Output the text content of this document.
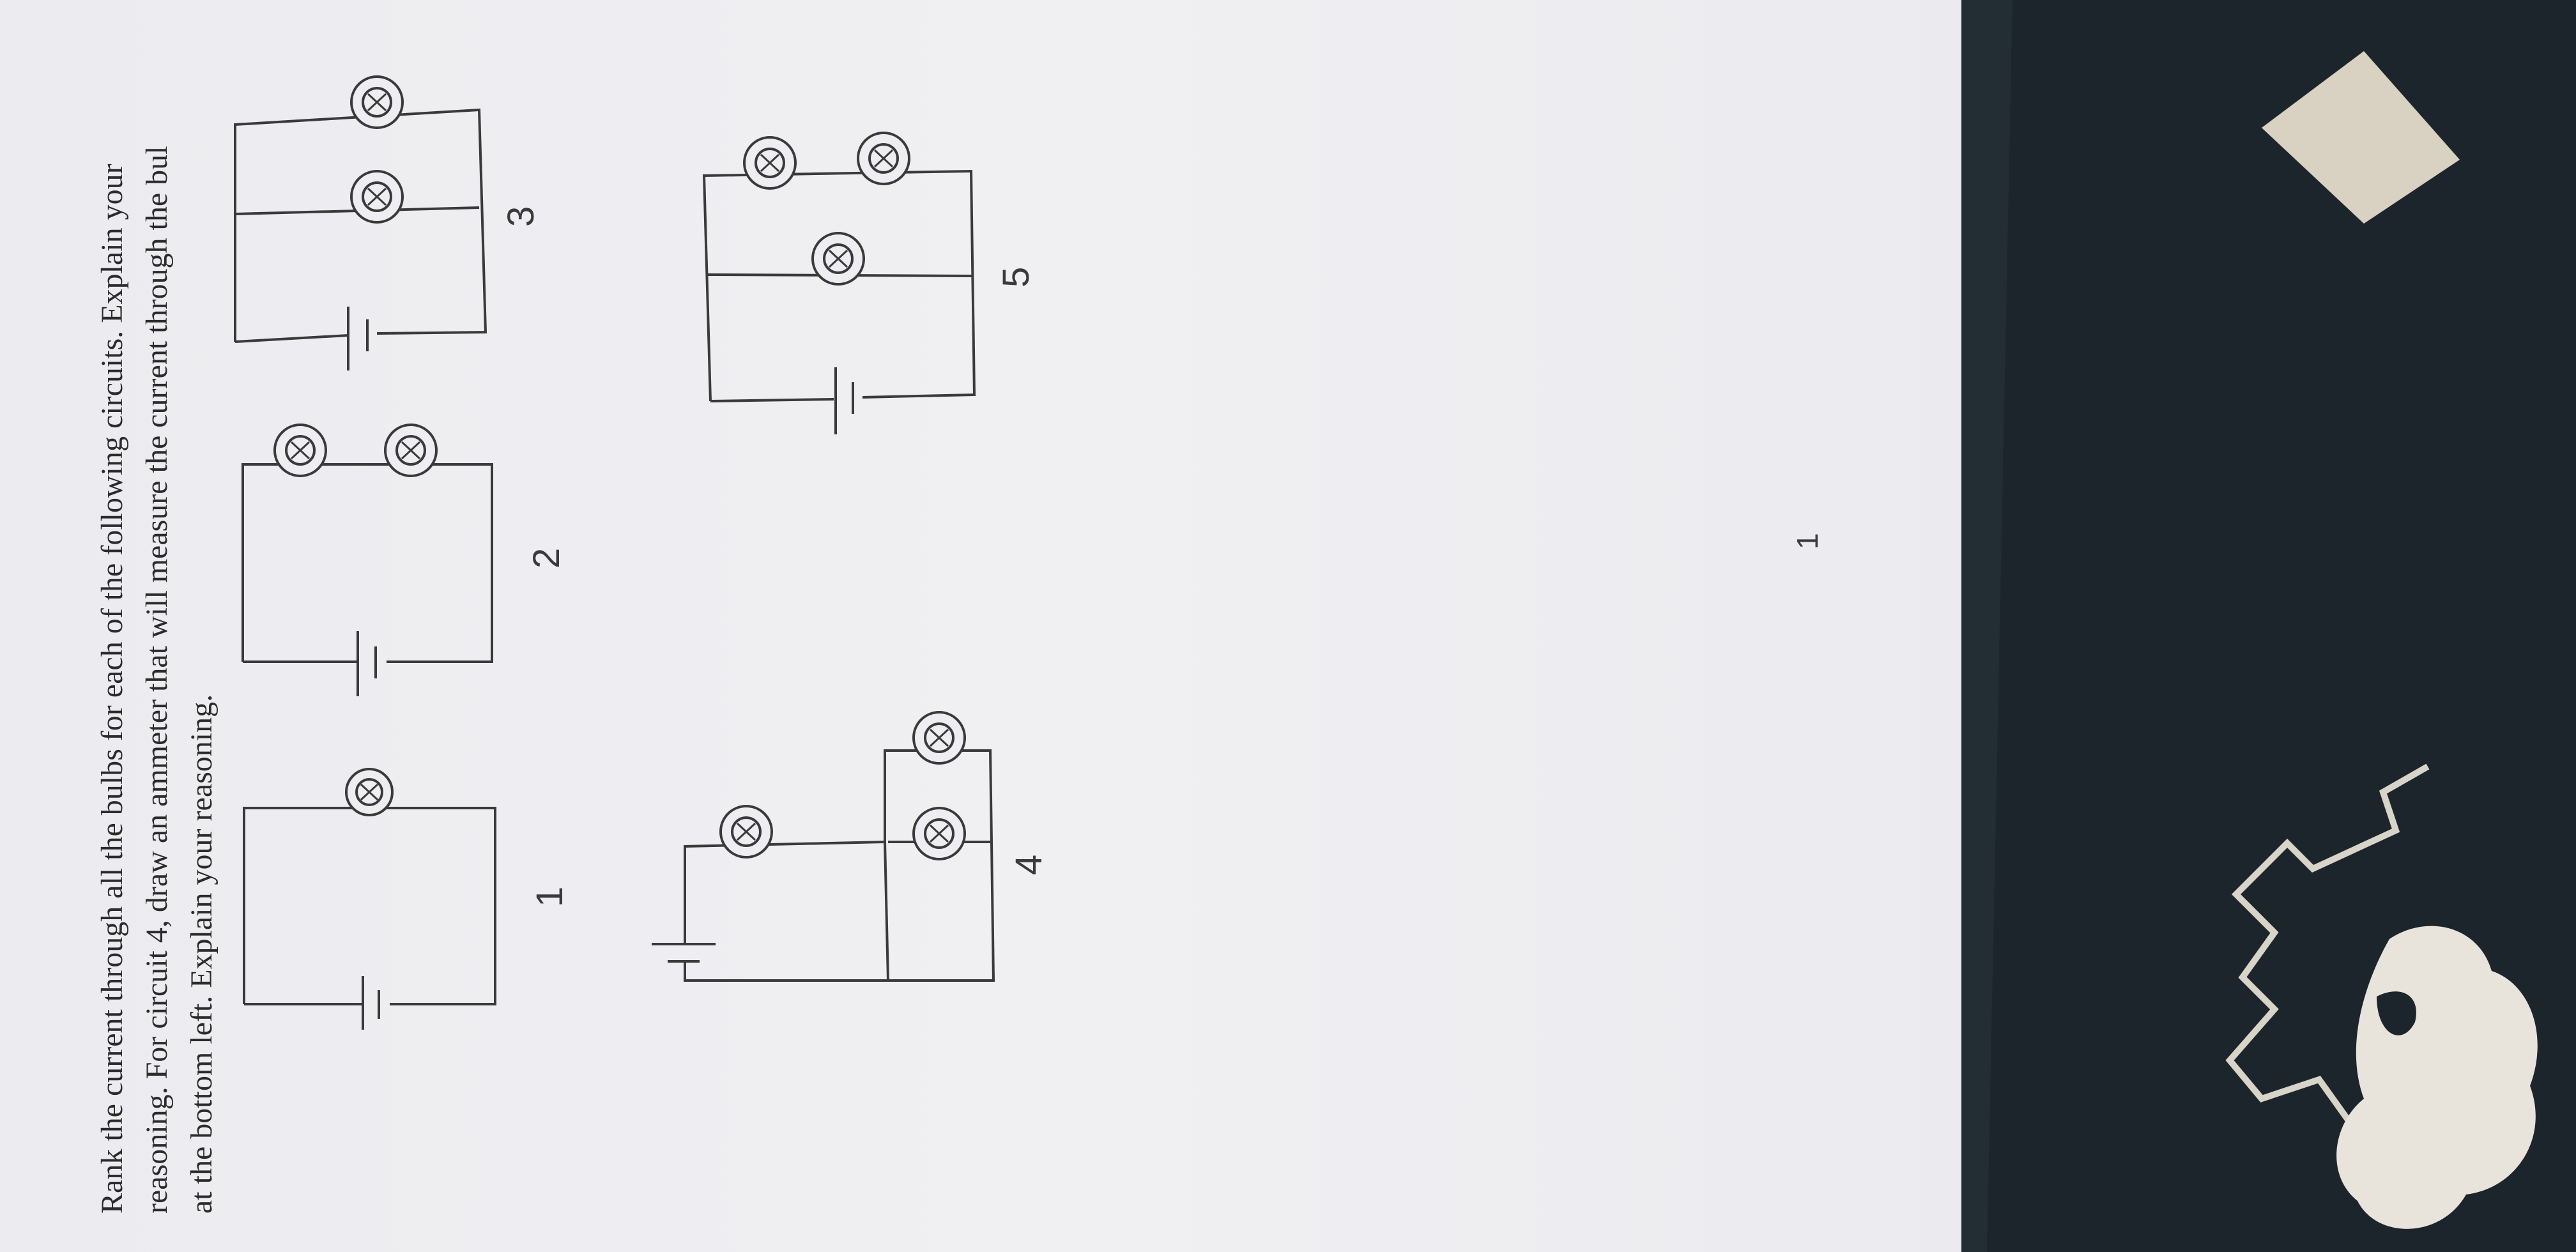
Rank the current through all the bulbs for each of the following circuits. Explain your reasoning. For circuit 4, draw an ammeter that will measure the current through the bul at the bottom left. Explain your reasoning.	1
2
3
4
5
1
